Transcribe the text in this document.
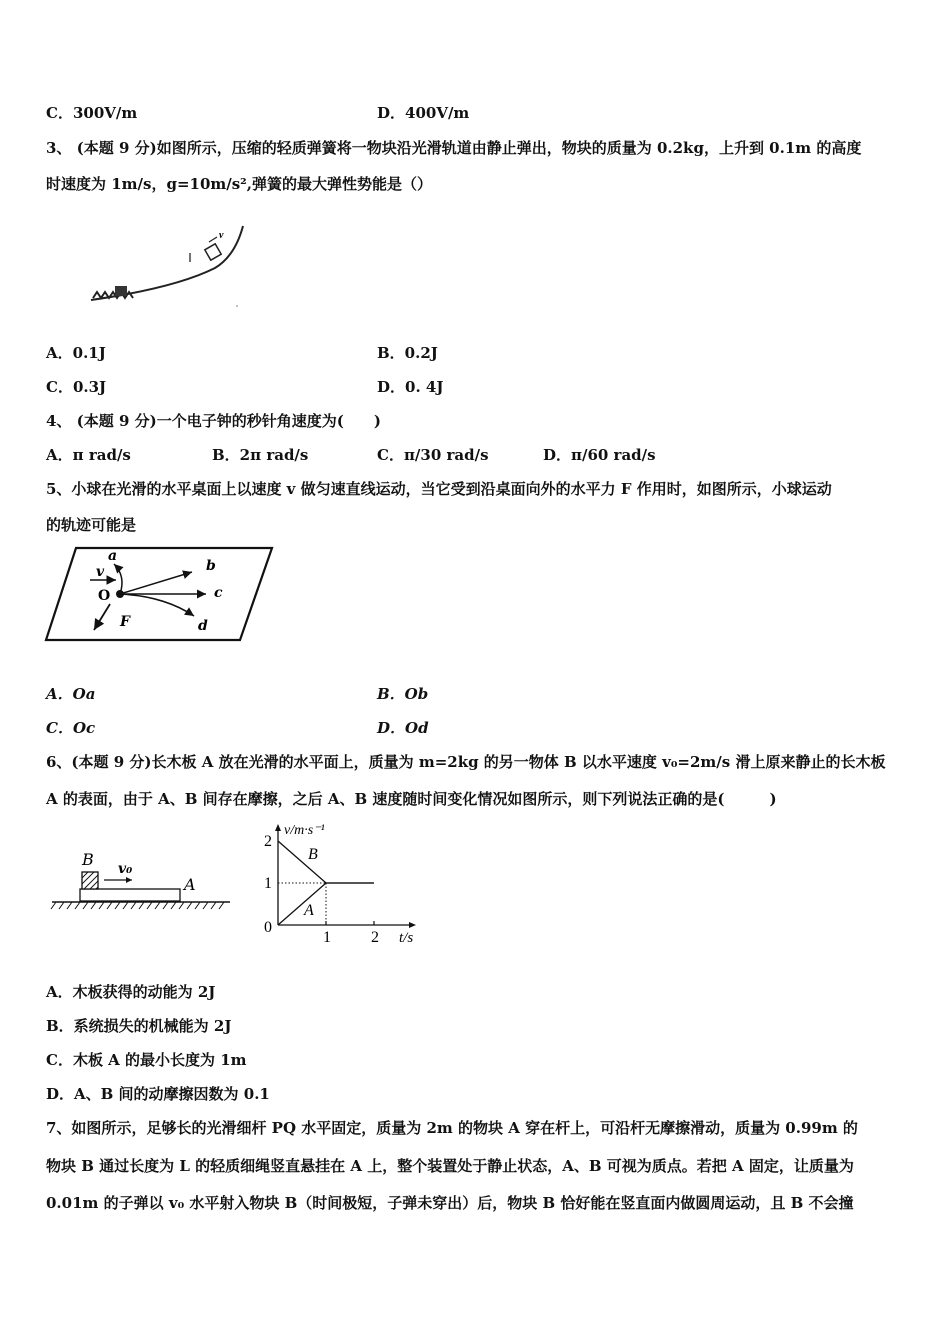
C．300V/m	D．400V/m
3、 (本题 9 分)如图所示，压缩的轻质弹簧将一物块沿光滑轨道由静止弹出，物块的质量为 0.2kg，上升到 0.1m 的高度
时速度为 1m/s，g=10m/s²,弹簧的最大弹性势能是（）
v
A．0.1J	B．0.2J
C．0.3J	D．0. 4J
4、 (本题 9 分)一个电子钟的秒针角速度为(　　)
A．π rad/s	B．2π rad/s	C．π/30 rad/s	D．π/60 rad/s
5、小球在光滑的水平桌面上以速度 v 做匀速直线运动，当它受到沿桌面向外的水平力 F 作用时，如图所示，小球运动
的轨迹可能是
a
b
c
d
v
O
F
A．Oa	B．Ob
C．Oc	D．Od
6、(本题 9 分)长木板 A 放在光滑的水平面上，质量为 m=2kg 的另一物体 B 以水平速度 v₀=2m/s 滑上原来静止的长木板
A 的表面，由于 A、B 间存在摩擦，之后 A、B 速度随时间变化情况如图所示，则下列说法正确的是(　　　)
B v₀
A
v/m·s⁻¹
t/s
2
1
0
1	2
B
A
A．木板获得的动能为 2J
B．系统损失的机械能为 2J
C．木板 A 的最小长度为 1m
D．A、B 间的动摩擦因数为 0.1
7、如图所示，足够长的光滑细杆 PQ 水平固定，质量为 2m 的物块 A 穿在杆上，可沿杆无摩擦滑动，质量为 0.99m 的
物块 B 通过长度为 L 的轻质细绳竖直悬挂在 A 上，整个装置处于静止状态，A、B 可视为质点。若把 A 固定，让质量为
0.01m 的子弹以 v₀ 水平射入物块 B（时间极短，子弹未穿出）后，物块 B 恰好能在竖直面内做圆周运动，且 B 不会撞
